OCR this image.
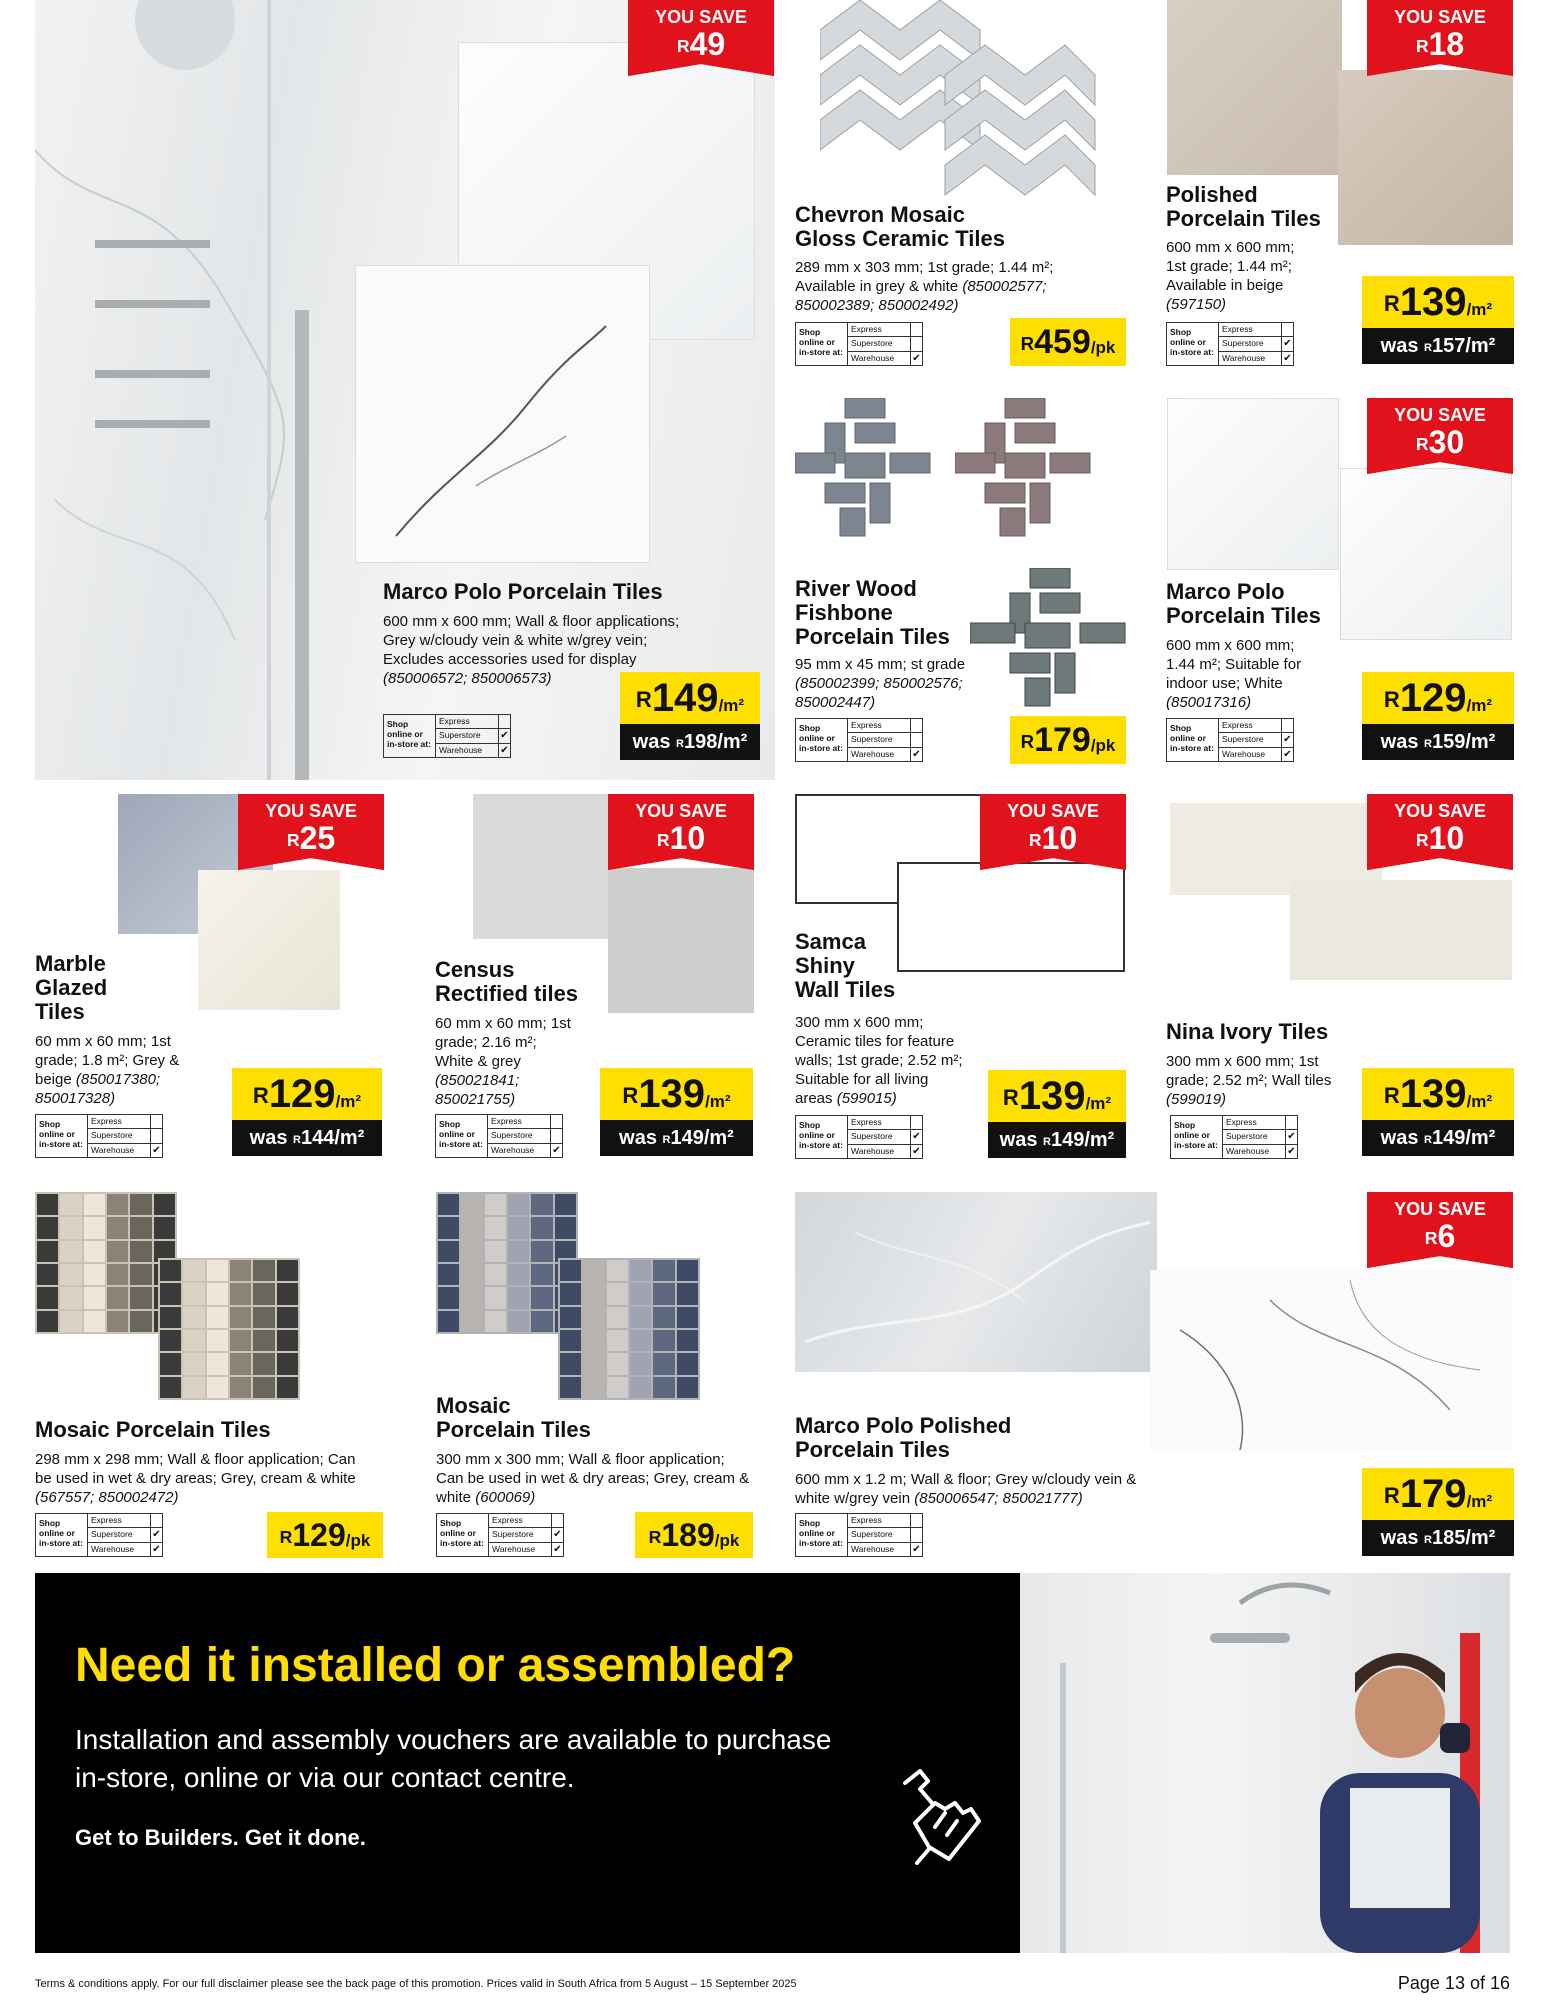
YOU SAVE
$^R$49
Marco Polo Porcelain Tiles
600 mm x 600 mm; Wall & floor applications; Grey w/cloudy vein & white w/grey vein; Excludes accessories used for display (850006572; 850006573)
Shop online or in-store at:
Express
Superstore	✔
Warehouse	✔
$^R$149/m²
was $^R$198/m²
Chevron Mosaic
Gloss Ceramic Tiles
289 mm x 303 mm; 1st grade; 1.44 m²; Available in grey & white (850002577; 850002389; 850002492)
Shop online or in-store at:
Express
Superstore
Warehouse	✔
$^R$459/pk
YOU SAVE
$^R$18
Polished
Porcelain Tiles
600 mm x 600 mm; 1st grade; 1.44 m²; Available in beige (597150)
Shop online or in-store at:
Express
Superstore	✔
Warehouse	✔
$^R$139/m²
was $^R$157/m²
River Wood
Fishbone
Porcelain Tiles
95 mm x 45 mm; st grade (850002399; 850002576; 850002447)
Shop online or in-store at:
Express
Superstore
Warehouse	✔
$^R$179/pk
YOU SAVE
$^R$30
Marco Polo
Porcelain Tiles
600 mm x 600 mm; 1.44 m²; Suitable for indoor use; White (850017316)
Shop online or in-store at:
Express
Superstore	✔
Warehouse	✔
$^R$129/m²
was $^R$159/m²
YOU SAVE
$^R$25
Marble
Glazed
Tiles
60 mm x 60 mm; 1st grade; 1.8 m²; Grey & beige (850017380; 850017328)
Shop online or in-store at:
Express
Superstore
Warehouse	✔
$^R$129/m²
was $^R$144/m²
YOU SAVE
$^R$10
Census
Rectified tiles
60 mm x 60 mm; 1st grade; 2.16 m²; White & grey (850021841; 850021755)
Shop online or in-store at:
Express
Superstore
Warehouse	✔
$^R$139/m²
was $^R$149/m²
YOU SAVE
$^R$10
Samca
Shiny
Wall Tiles
300 mm x 600 mm; Ceramic tiles for feature walls; 1st grade; 2.52 m²; Suitable for all living areas (599015)
Shop online or in-store at:
Express
Superstore	✔
Warehouse	✔
$^R$139/m²
was $^R$149/m²
YOU SAVE
$^R$10
Nina Ivory Tiles
300 mm x 600 mm; 1st grade; 2.52 m²; Wall tiles (599019)
Shop online or in-store at:
Express
Superstore	✔
Warehouse	✔
$^R$139/m²
was $^R$149/m²
Mosaic Porcelain Tiles
298 mm x 298 mm; Wall & floor application; Can be used in wet & dry areas; Grey, cream & white (567557; 850002472)
Shop online or in-store at:
Express
Superstore	✔
Warehouse	✔
$^R$129/pk
Mosaic
Porcelain Tiles
300 mm x 300 mm; Wall & floor application; Can be used in wet & dry areas; Grey, cream & white (600069)
Shop online or in-store at:
Express
Superstore	✔
Warehouse	✔
$^R$189/pk
YOU SAVE
$^R$6
Marco Polo Polished
Porcelain Tiles
600 mm x 1.2 m; Wall & floor; Grey w/cloudy vein & white w/grey vein (850006547; 850021777)
Shop online or in-store at:
Express
Superstore
Warehouse	✔
$^R$179/m²
was $^R$185/m²
Need it installed or assembled?
Installation and assembly vouchers are available to purchase in-store, online or via our contact centre.
Get to Builders. Get it done.
Terms & conditions apply. For our full disclaimer please see the back page of this promotion. Prices valid in South Africa from 5 August – 15 September 2025	Page 13 of 16
